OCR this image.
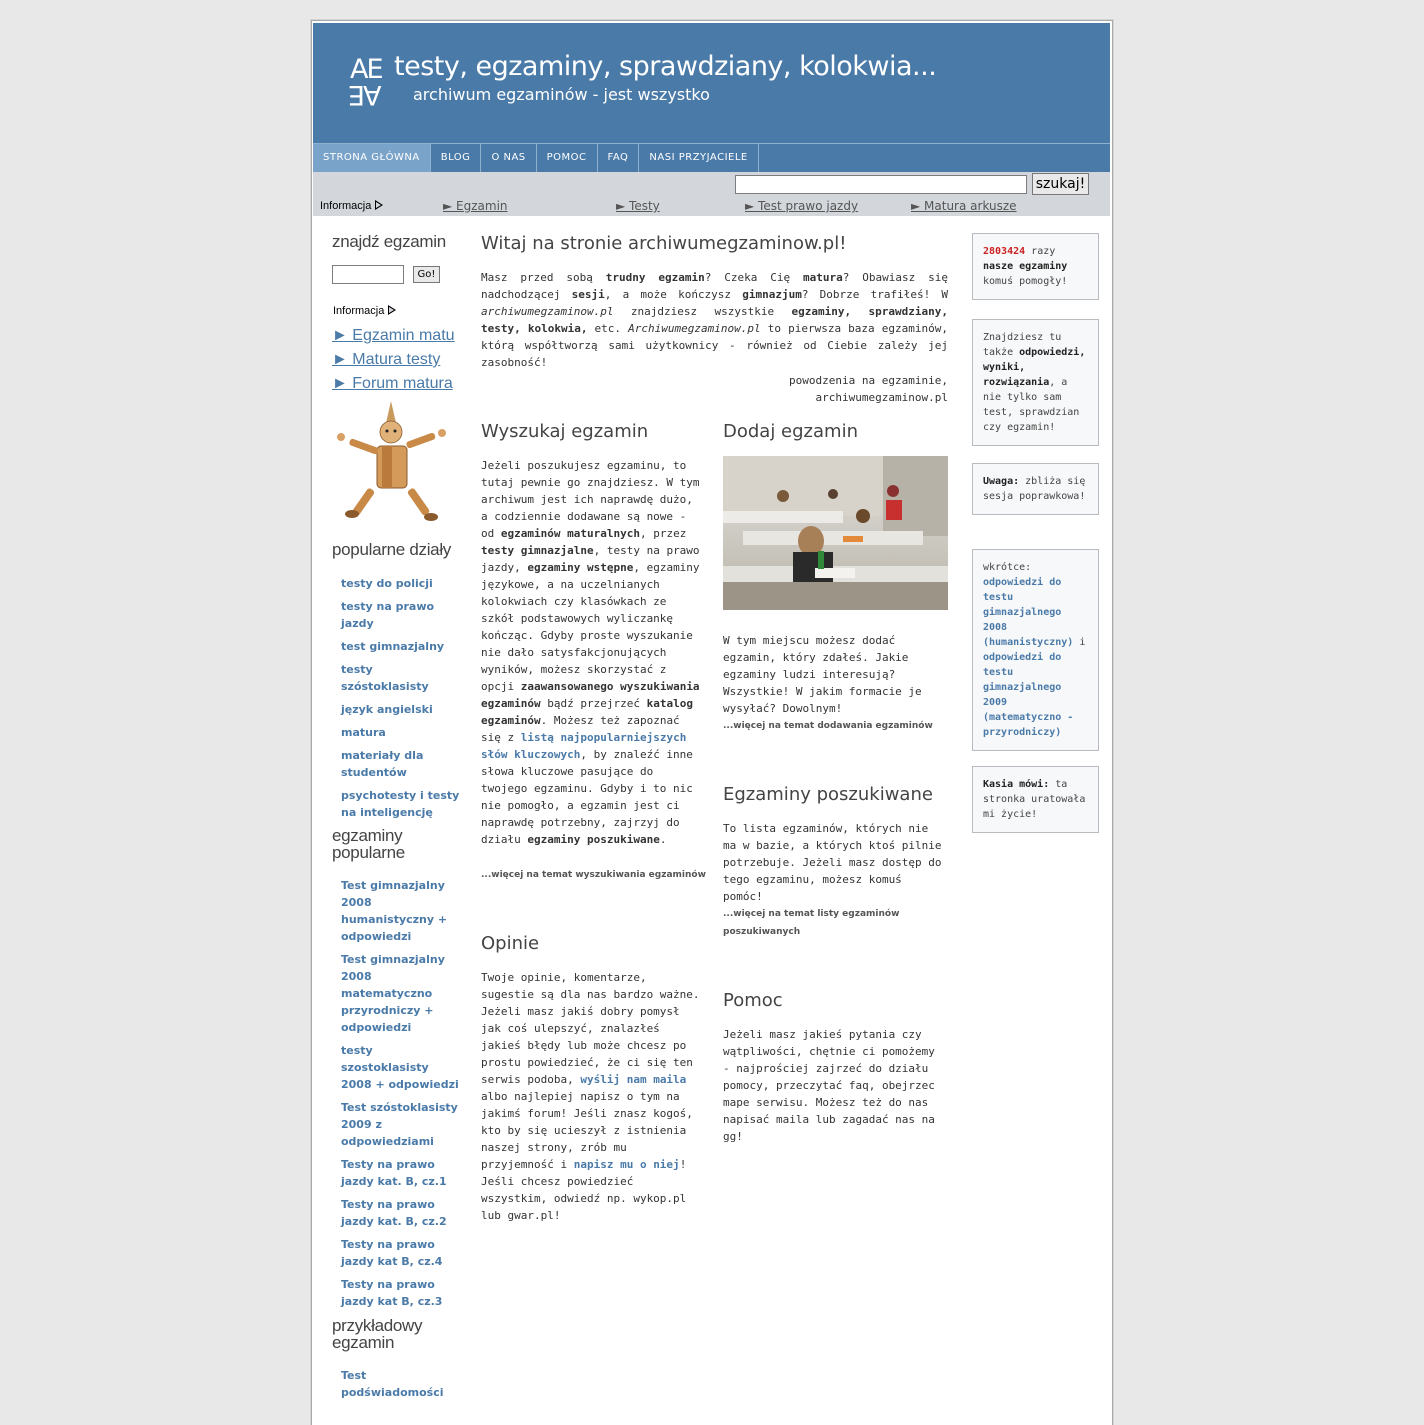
AE
AE
testy, egzaminy, sprawdziany, kolokwia...
archiwum egzaminów - jest wszystko
STRONA GŁÓWNA	BLOG	O NAS	POMOC	FAQ	NASI PRZYJACIELE
szukaj!
Informacja	► Egzamin	► Testy	► Test prawo jazdy	► Matura arkusze
znajdź egzamin
Go!
Informacja
► Egzamin matu
► Matura testy
► Forum matura
popularne działy
testy do policji
testy na prawo jazdy
test gimnazjalny
testy szóstoklasisty
język angielski
matura
materiały dla studentów
psychotesty i testy na inteligencję
egzaminy popularne
Test gimnazjalny 2008 humanistyczny + odpowiedzi
Test gimnazjalny 2008 matematyczno przyrodniczy + odpowiedzi
testy szostoklasisty 2008 + odpowiedzi
Test szóstoklasisty 2009 z odpowiedziami
Testy na prawo jazdy kat. B, cz.1
Testy na prawo jazdy kat. B, cz.2
Testy na prawo jazdy kat B, cz.4
Testy na prawo jazdy kat B, cz.3
przykładowy egzamin
Test podświadomości
Witaj na stronie archiwumegzaminow.pl!
Masz przed sobą trudny egzamin? Czeka Cię matura? Obawiasz się nadchodzącej sesji, a może kończysz gimnazjum? Dobrze trafiłeś! W archiwumegzaminow.pl znajdziesz wszystkie egzaminy, sprawdziany, testy, kolokwia, etc. Archiwumegzaminow.pl to pierwsza baza egzaminów, którą współtworzą sami użytkownicy - również od Ciebie zależy jej zasobność!
powodzenia na egzaminie,
archiwumegzaminow.pl
Wyszukaj egzamin
Jeżeli poszukujesz egzaminu, to tutaj pewnie go znajdziesz. W tym archiwum jest ich naprawdę dużo, a codziennie dodawane są nowe - od egzaminów maturalnych, przez testy gimnazjalne, testy na prawo jazdy, egzaminy wstępne, egzaminy językowe, a na uczelnianych kolokwiach czy klasówkach ze szkół podstawowych wyliczankę kończąc. Gdyby proste wyszukanie nie dało satysfakcjonujących wyników, możesz skorzystać z opcji zaawansowanego wyszukiwania egzaminów bądź przejrzeć katalog egzaminów. Możesz też zapoznać się z listą najpopularniejszych słów kluczowych, by znaleźć inne słowa kluczowe pasujące do twojego egzaminu. Gdyby i to nic nie pomogło, a egzamin jest ci naprawdę potrzebny, zajrzyj do działu egzaminy poszukiwane.
...więcej na temat wyszukiwania egzaminów
Opinie
Twoje opinie, komentarze, sugestie są dla nas bardzo ważne. Jeżeli masz jakiś dobry pomysł jak coś ulepszyć, znalazłeś jakieś błędy lub może chcesz po prostu powiedzieć, że ci się ten serwis podoba, wyślij nam maila albo najlepiej napisz o tym na jakimś forum! Jeśli znasz kogoś, kto by się ucieszył z istnienia naszej strony, zrób mu przyjemność i napisz mu o niej! Jeśli chcesz powiedzieć wszystkim, odwiedź np. wykop.pl lub gwar.pl!
Dodaj egzamin
W tym miejscu możesz dodać egzamin, który zdałeś. Jakie egzaminy ludzi interesują? Wszystkie! W jakim formacie je wysyłać? Dowolnym!
...więcej na temat dodawania egzaminów
Egzaminy poszukiwane
To lista egzaminów, których nie ma w bazie, a których ktoś pilnie potrzebuje. Jeżeli masz dostęp do tego egzaminu, możesz komuś pomóc!
...więcej na temat listy egzaminów poszukiwanych
Pomoc
Jeżeli masz jakieś pytania czy wątpliwości, chętnie ci pomożemy - najprościej zajrzeć do działu pomocy, przeczytać faq, obejrzec mape serwisu. Możesz też do nas napisać maila lub zagadać nas na gg!
2803424 razy nasze egzaminy komuś pomogły!
Znajdziesz tu także odpowiedzi, wyniki, rozwiązania, a nie tylko sam test, sprawdzian czy egzamin!
Uwaga: zbliża się sesja poprawkowa!
wkrótce: odpowiedzi do testu gimnazjalnego 2008 (humanistyczny) i odpowiedzi do testu gimnazjalnego 2009 (matematyczno - przyrodniczy)
Kasia mówi: ta stronka uratowała mi życie!
